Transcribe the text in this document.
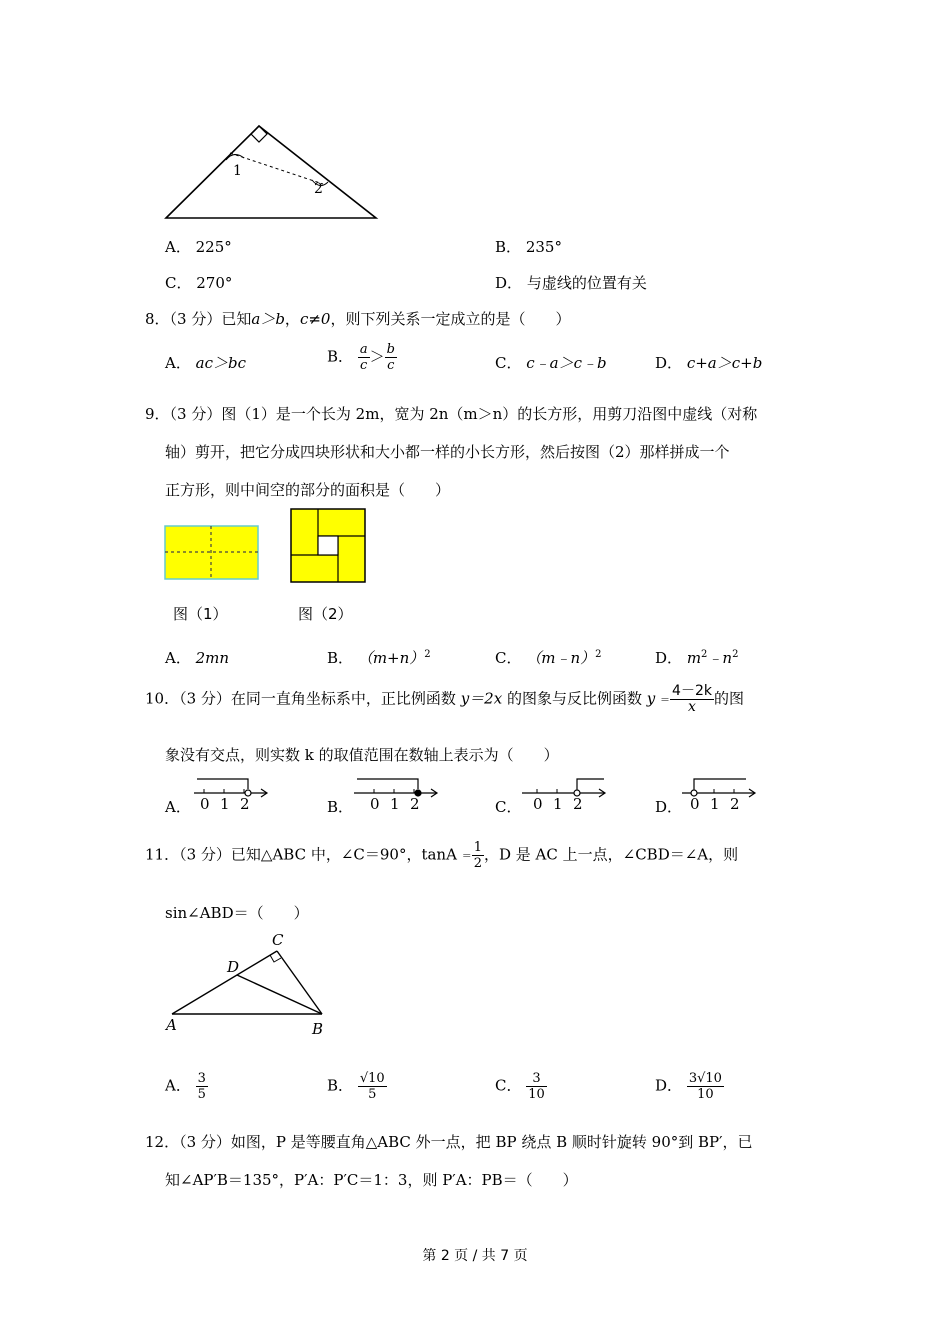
1
2
A． 225°	B． 235°
C． 270°	D． 与虚线的位置有关
8．（3 分）已知a＞b，c≠0，则下列关系一定成立的是（　　）
A． ac＞bc	B． $\frac{a}{c} > \frac{b}{c}$	C． c﹣a＞c﹣b	D． c+a＞c+b
9．（3 分）图（1）是一个长为 2m，宽为 2n（m＞n）的长方形，用剪刀沿图中虚线（对称
轴）剪开，把它分成四块形状和大小都一样的小长方形，然后按图（2）那样拼成一个
正方形，则中间空的部分的面积是（　　）
图（1）	图（2）
A． 2mn	B． $(m+n)^2$	C． （m﹣n）$^2$	D． $m^2﹣n^2$
10．（3 分）在同一直角坐标系中，正比例函数 y＝2x 的图象与反比例函数 $y = \frac{4-2k}{x}$ 的图
象没有交点，则实数 k 的取值范围在数轴上表示为（　　）
A． 0 1 2	B． 0 1 2	C． 0 1 2	D． 0 1 2
11．（3 分）已知△ABC 中，∠C＝90°，$\tan A = \frac{1}{2}$ ，D 是 AC 上一点，∠CBD＝∠A，则
sin∠ABD＝（　　）
A	B
C
D
A． $\frac{3}{5}$	B． $\frac{√10}{5}$	C． $\frac{3}{10}$	D． $\frac{3√10}{10}$
12．（3 分）如图，P 是等腰直角△ABC 外一点，把 BP 绕点 B 顺时针旋转 90°到 BP′，已
知∠AP′B＝135°，P′A：P′C＝1：3，则 P′A：PB＝（　　）
第 2 页 / 共 7 页
